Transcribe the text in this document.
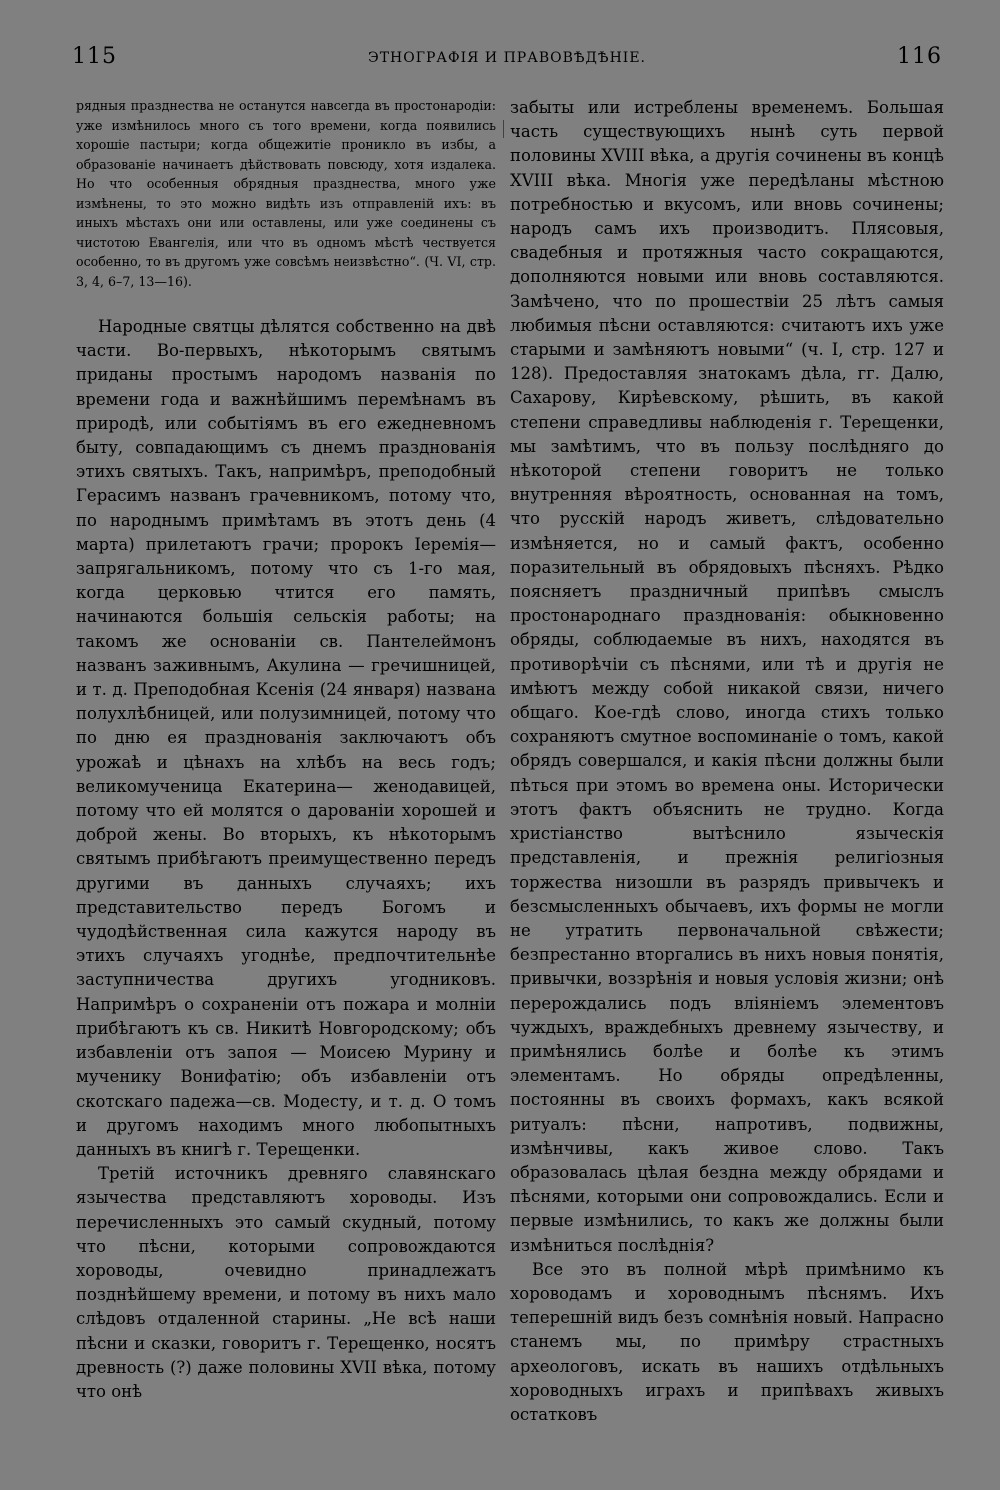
115	ЭТНОГРАФІЯ И ПРАВОВѢДѢНІЕ.	116

рядныя празднества не останутся навсегда въ простонародіи: уже измѣнилось много съ того времени, когда появились хорошіе пастыри; когда общежитіе проникло въ избы, а образованіе начинаетъ дѣйствовать повсюду, хотя издалека. Но что особенныя обрядныя празднества, много уже измѣнены, то это можно видѣть изъ отправленій ихъ: въ иныхъ мѣстахъ они или оставлены, или уже соединены съ чистотою Евангелія, или что въ одномъ мѣстѣ чествуется особенно, то въ другомъ уже совсѣмъ неизвѣстно“. (Ч. VI, стр. 3, 4, 6–7, 13—16).

Народные святцы дѣлятся собственно на двѣ части. Во-первыхъ, нѣкоторымъ святымъ приданы простымъ народомъ названія по времени года и важнѣйшимъ перемѣнамъ въ природѣ, или событіямъ въ его ежедневномъ быту, совпадающимъ съ днемъ празднованія этихъ святыхъ. Такъ, напримѣръ, преподобный Герасимъ названъ грачевникомъ, потому что, по народнымъ примѣтамъ въ этотъ день (4 марта) прилетаютъ грачи; пророкъ Іеремія— запрягальникомъ, потому что съ 1-го мая, когда церковью чтится его память, начинаются большія сельскія работы; на такомъ же основаніи св. Пантелеймонъ названъ заживнымъ, Акулина — гречишницей, и т. д. Преподобная Ксенія (24 января) названа полухлѣбницей, или полузимницей, потому что по дню ея празднованія заключаютъ объ урожаѣ и цѣнахъ на хлѣбъ на весь годъ; великомученица Екатерина— женодавицей, потому что ей молятся о дарованіи хорошей и доброй жены. Во вторыхъ, къ нѣкоторымъ святымъ прибѣгаютъ преимущественно передъ другими въ данныхъ случаяхъ; ихъ представительство передъ Богомъ и чудодѣйственная сила кажутся народу въ этихъ случаяхъ угоднѣе, предпочтительнѣе заступничества другихъ угодниковъ. Напримѣръ о сохраненіи отъ пожара и молніи прибѣгаютъ къ св. Никитѣ Новгородскому; объ избавленіи отъ запоя — Моисею Мурину и мученику Вонифатію; объ избавленіи отъ скотскаго падежа—св. Модесту, и т. д. О томъ и другомъ находимъ много любопытныхъ данныхъ въ книгѣ г. Терещенки.

Третій источникъ древняго славянскаго язычества представляютъ хороводы. Изъ перечисленныхъ это самый скудный, потому что пѣсни, которыми сопровождаются хороводы, очевидно принадлежатъ позднѣйшему времени, и потому въ нихъ мало слѣдовъ отдаленной старины. „Не всѣ наши пѣсни и сказки, говоритъ г. Терещенко, носятъ древность (?) даже половины XVII вѣка, потому что онѣ

забыты или истреблены временемъ. Большая часть существующихъ нынѣ суть первой половины XVIII вѣка, а другія сочинены въ концѣ XVIII вѣка. Многія уже передѣланы мѣстною потребностью и вкусомъ, или вновь сочинены; народъ самъ ихъ производитъ. Плясовыя, свадебныя и протяжныя часто сокращаются, дополняются новыми или вновь составляются. Замѣчено, что по прошествіи 25 лѣтъ самыя любимыя пѣсни оставляются: считаютъ ихъ уже старыми и замѣняютъ новыми“ (ч. I, стр. 127 и 128). Предоставляя знатокамъ дѣла, гг. Далю, Сахарову, Кирѣевскому, рѣшить, въ какой степени справедливы наблюденія г. Терещенки, мы замѣтимъ, что въ пользу послѣдняго до нѣкоторой степени говоритъ не только внутренняя вѣроятность, основанная на томъ, что русскій народъ живетъ, слѣдовательно измѣняется, но и самый фактъ, особенно поразительный въ обрядовыхъ пѣсняхъ. Рѣдко поясняетъ праздничный припѣвъ смыслъ простонароднаго празднованія: обыкновенно обряды, соблюдаемые въ нихъ, находятся въ противорѣчіи съ пѣснями, или тѣ и другія не имѣютъ между собой никакой связи, ничего общаго. Кое-гдѣ слово, иногда стихъ только сохраняютъ смутное воспоминаніе о томъ, какой обрядъ совершался, и какія пѣсни должны были пѣться при этомъ во времена оны. Исторически этотъ фактъ объяснить не трудно. Когда христіанство вытѣснило языческія представленія, и прежнія религіозныя торжества низошли въ разрядъ привычекъ и безсмысленныхъ обычаевъ, ихъ формы не могли не утратить первоначальной свѣжести; безпрестанно вторгались въ нихъ новыя понятія, привычки, воззрѣнія и новыя условія жизни; онѣ перерождались подъ вліяніемъ элементовъ чуждыхъ, враждебныхъ древнему язычеству, и примѣнялись болѣе и болѣе къ этимъ элементамъ. Но обряды опредѣленны, постоянны въ своихъ формахъ, какъ всякой ритуалъ: пѣсни, напротивъ, подвижны, измѣнчивы, какъ живое слово. Такъ образовалась цѣлая бездна между обрядами и пѣснями, которыми они сопровождались. Если и первые измѣнились, то какъ же должны были измѣниться послѣднія?

Все это въ полной мѣрѣ примѣнимо къ хороводамъ и хороводнымъ пѣснямъ. Ихъ теперешній видъ безъ сомнѣнія новый. Напрасно станемъ мы, по примѣру страстныхъ археологовъ, искать въ нашихъ отдѣльныхъ хороводныхъ играхъ и припѣвахъ живыхъ остатковъ
